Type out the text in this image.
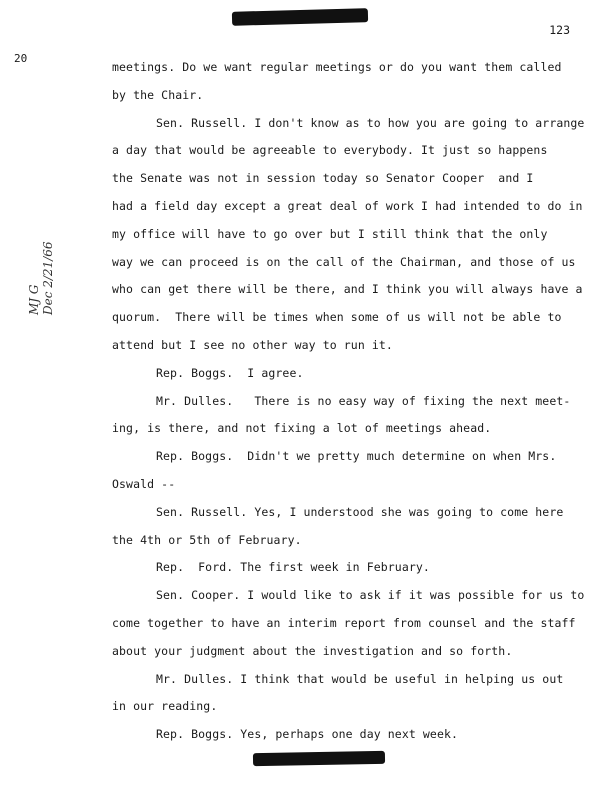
123
20
MJ G Dec 2/21/66
meetings. Do we want regular meetings or do you want them called
by the Chair.
Sen. Russell. I don't know as to how you are going to arrange
a day that would be agreeable to everybody. It just so happens
the Senate was not in session today so Senator Cooper  and I
had a field day except a great deal of work I had intended to do in
my office will have to go over but I still think that the only
way we can proceed is on the call of the Chairman, and those of us
who can get there will be there, and I think you will always have a
quorum.  There will be times when some of us will not be able to
attend but I see no other way to run it.
Rep. Boggs.  I agree.
Mr. Dulles.   There is no easy way of fixing the next meet-
ing, is there, and not fixing a lot of meetings ahead.
Rep. Boggs.  Didn't we pretty much determine on when Mrs.
Oswald --
Sen. Russell. Yes, I understood she was going to come here
the 4th or 5th of February.
Rep.  Ford. The first week in February.
Sen. Cooper. I would like to ask if it was possible for us to
come together to have an interim report from counsel and the staff
about your judgment about the investigation and so forth.
Mr. Dulles. I think that would be useful in helping us out
in our reading.
Rep. Boggs. Yes, perhaps one day next week.
